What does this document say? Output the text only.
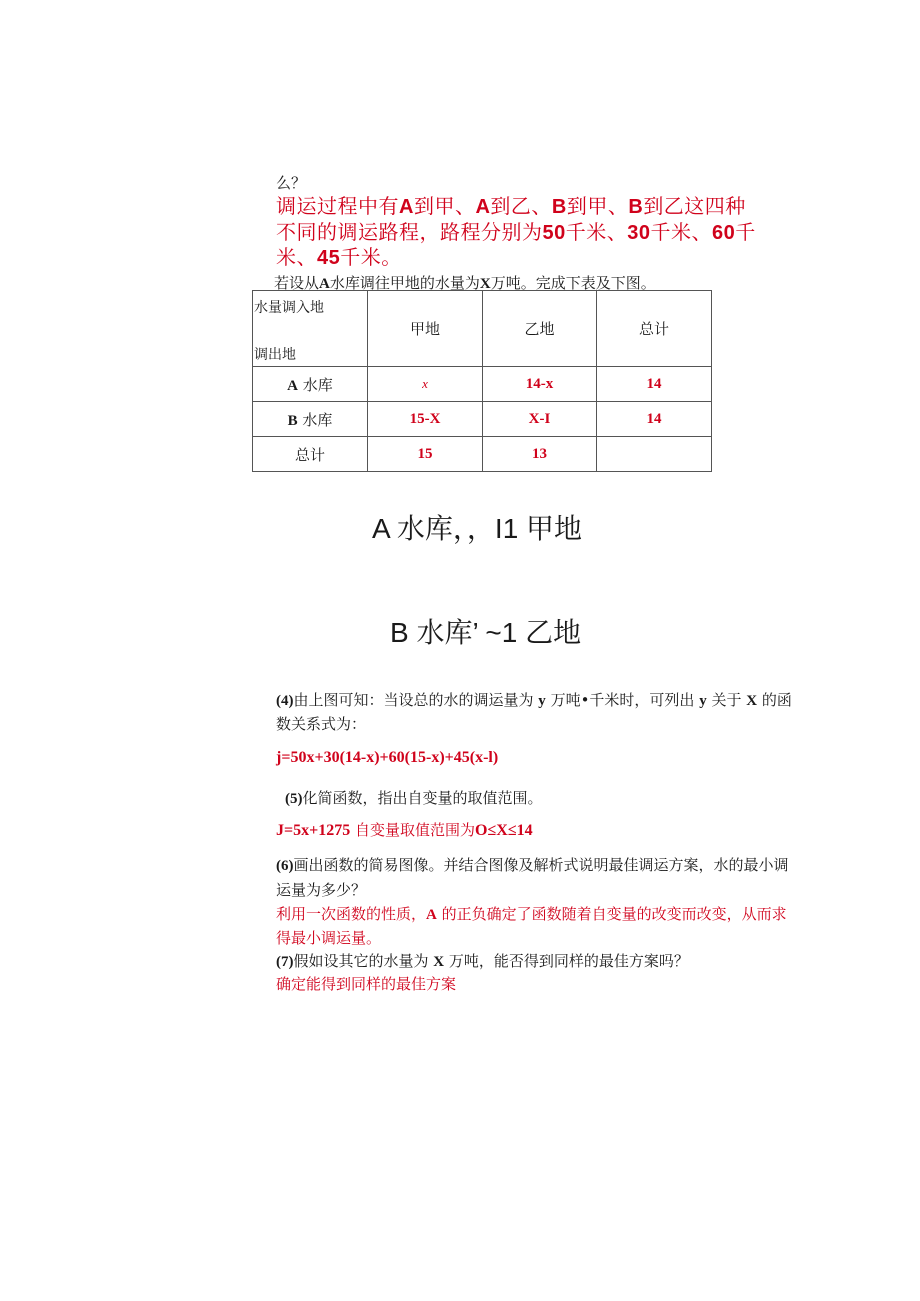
么？
调运过程中有A到甲、A到乙、B到甲、B到乙这四种
不同的调运路程，路程分别为50千米、30千米、60千
米、45千米。
若设从A水库调往甲地的水量为X万吨。完成下表及下图。
水量调入地
调出地	甲地	乙地	总计
A 水库	x	14-x	14
B 水库	15-X	X-I	14
总计	15	13	
A 水库，，I1 甲地
B 水库’ ~1 乙地
(4)由上图可知：当设总的水的调运量为 y 万吨•千米时，可列出 y 关于 X 的函
数关系式为：
j=50x+30(14-x)+60(15-x)+45(x-l)
(5)化简函数，指出自变量的取值范围。
J=5x+1275 自变量取值范围为O≤X≤14
(6)画出函数的简易图像。并结合图像及解析式说明最佳调运方案，水的最小调
运量为多少？
利用一次函数的性质，A 的正负确定了函数随着自变量的改变而改变，从而求
得最小调运量。
(7)假如设其它的水量为 X 万吨，能否得到同样的最佳方案吗？
确定能得到同样的最佳方案
